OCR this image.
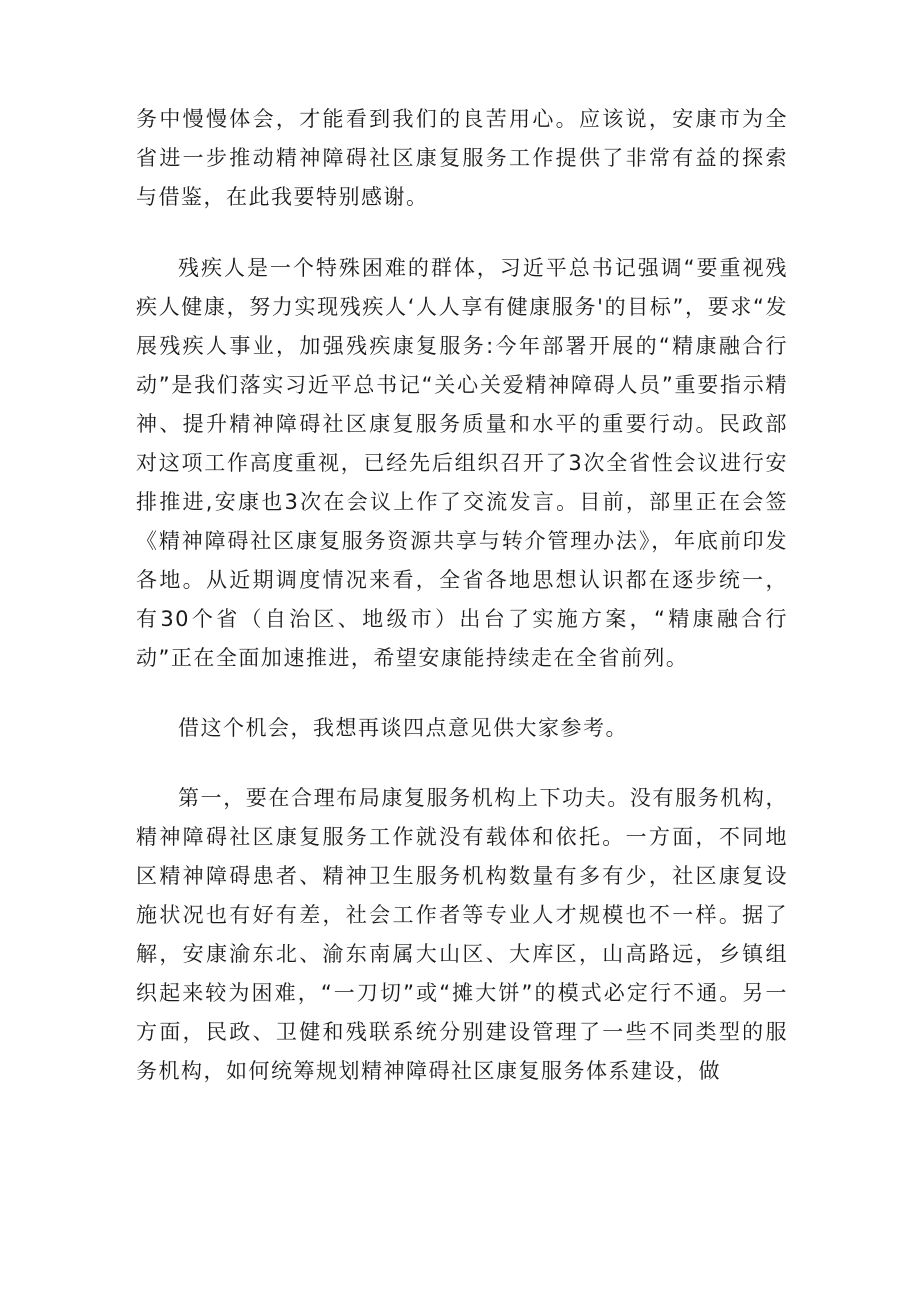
务中慢慢体会，才能看到我们的良苦用心。应该说，安康市为全省进一步推动精神障碍社区康复服务工作提供了非常有益的探索与借鉴，在此我要特别感谢。

残疾人是一个特殊困难的群体，习近平总书记强调“要重视残疾人健康，努力实现残疾人‘人人享有健康服务'的目标”，要求“发展残疾人事业，加强残疾康复服务:今年部署开展的“精康融合行动”是我们落实习近平总书记“关心关爱精神障碍人员”重要指示精神、提升精神障碍社区康复服务质量和水平的重要行动。民政部对这项工作高度重视，已经先后组织召开了3次全省性会议进行安排推进,安康也3次在会议上作了交流发言。目前，部里正在会签《精神障碍社区康复服务资源共享与转介管理办法》，年底前印发各地。从近期调度情况来看，全省各地思想认识都在逐步统一，有30个省（自治区、地级市）出台了实施方案，“精康融合行动”正在全面加速推进，希望安康能持续走在全省前列。

借这个机会，我想再谈四点意见供大家参考。

第一，要在合理布局康复服务机构上下功夫。没有服务机构，精神障碍社区康复服务工作就没有载体和依托。一方面，不同地区精神障碍患者、精神卫生服务机构数量有多有少，社区康复设施状况也有好有差，社会工作者等专业人才规模也不一样。据了解，安康渝东北、渝东南属大山区、大库区，山高路远，乡镇组织起来较为困难，“一刀切”或“摊大饼”的模式必定行不通。另一方面，民政、卫健和残联系统分别建设管理了一些不同类型的服务机构，如何统筹规划精神障碍社区康复服务体系建设，做
